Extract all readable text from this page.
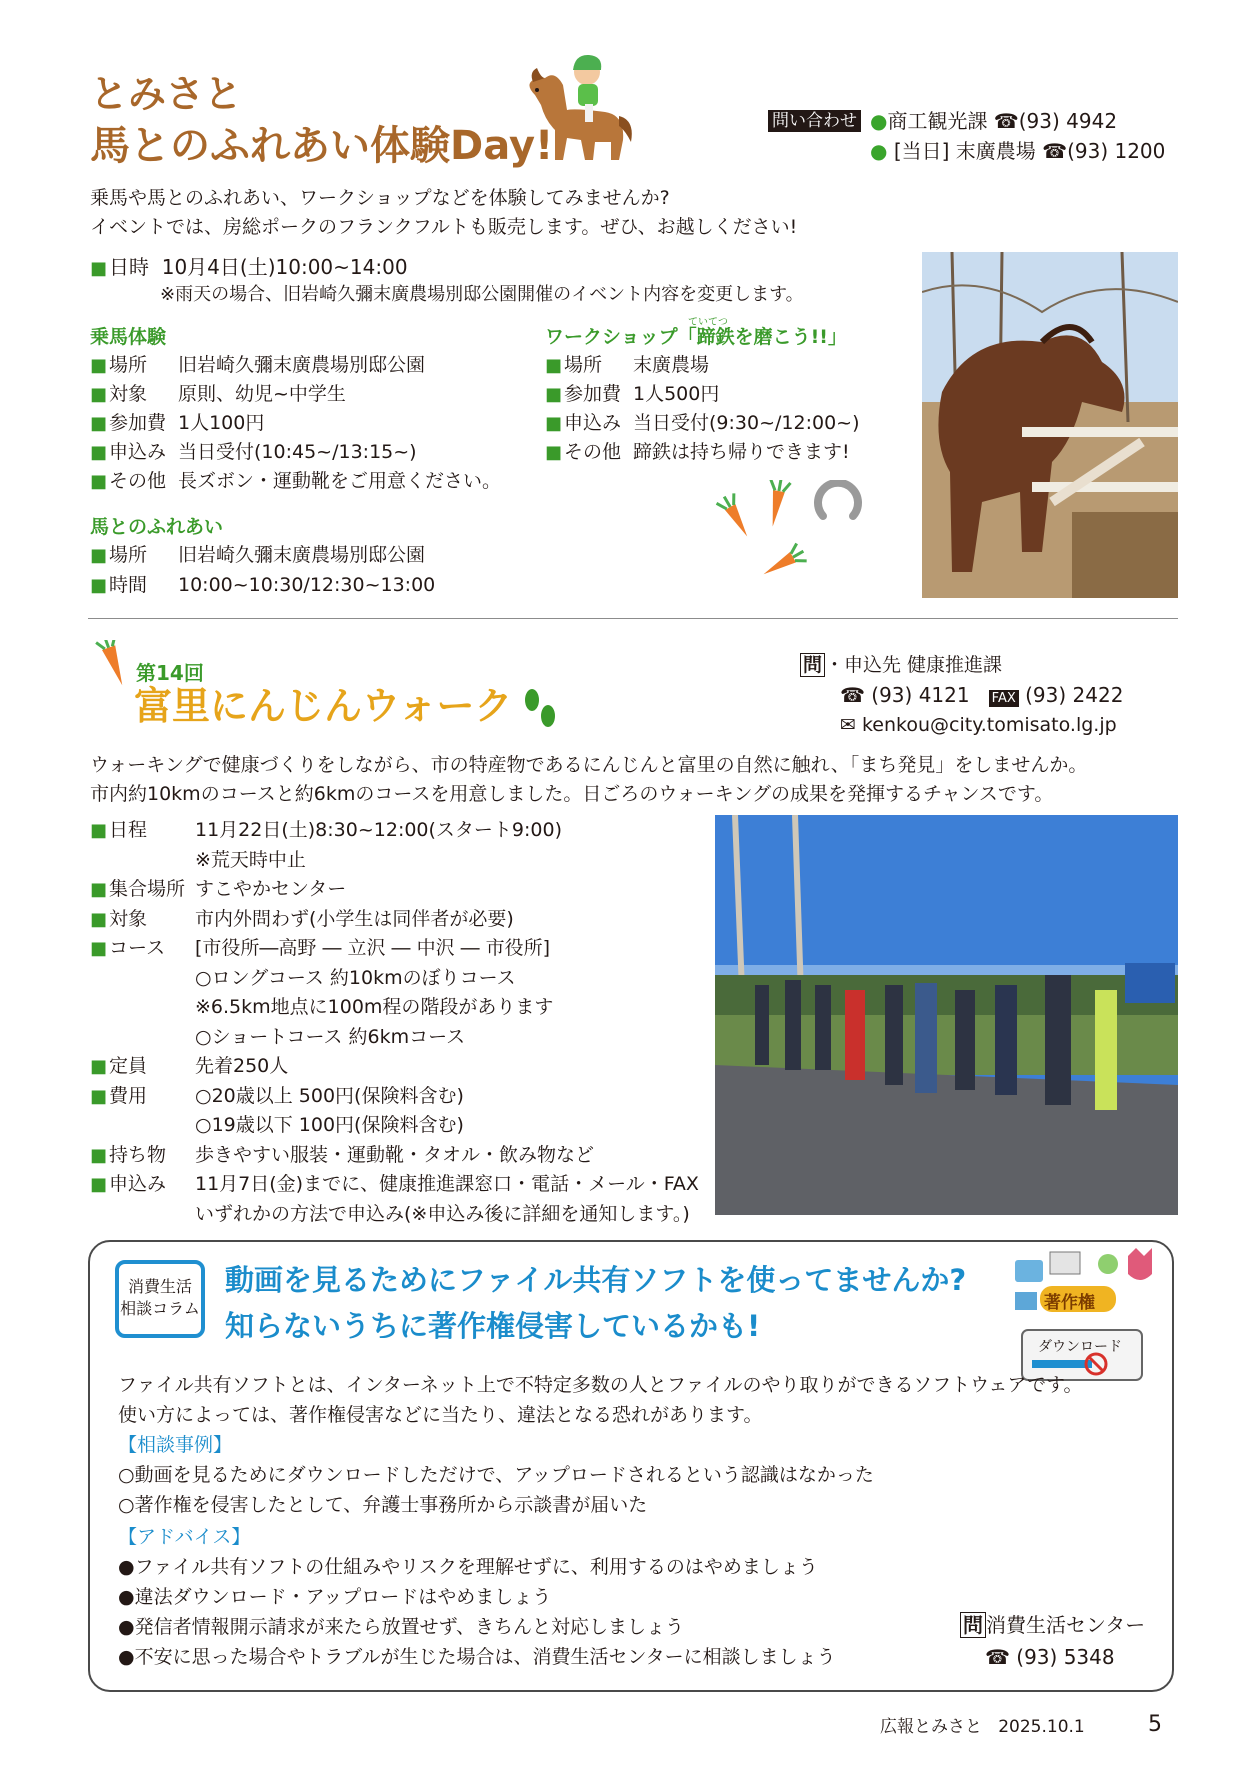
とみさと
馬とのふれあい体験Day!
問い合わせ ●商工観光課 ☎(93) 4942
● [当日] 末廣農場 ☎(93) 1200
乗馬や馬とのふれあい、ワークショップなどを体験してみませんか?
イベントでは、房総ポークのフランクフルトも販売します。ぜひ、お越しください!
■ 日時 10月4日(土)10:00~14:00
※雨天の場合、旧岩崎久彌末廣農場別邸公園開催のイベント内容を変更します。
乗馬体験
■ 場所 旧岩崎久彌末廣農場別邸公園
■ 対象 原則、幼児~中学生
■ 参加費 1人100円
■ 申込み 当日受付(10:45~/13:15~)
■ その他 長ズボン・運動靴をご用意ください。
ていてつ
ワークショップ「蹄鉄を磨こう!!」
■ 場所 末廣農場
■ 参加費 1人500円
■ 申込み 当日受付(9:30~/12:00~)
■ その他 蹄鉄は持ち帰りできます!
馬とのふれあい
■ 場所 旧岩崎久彌末廣農場別邸公園
■ 時間 10:00~10:30/12:30~13:00
第14回
富里にんじんウォーク
問 ・申込先 健康推進課
☎ (93) 4121 FAX (93) 2422
✉ kenkou@city.tomisato.lg.jp
ウォーキングで健康づくりをしながら、市の特産物であるにんじんと富里の自然に触れ、「まち発見」をしませんか。
市内約10kmのコースと約6kmのコースを用意しました。日ごろのウォーキングの成果を発揮するチャンスです。
■ 日程	11月22日(土)8:30~12:00(スタート9:00)
※荒天時中止
■ 集合場所 すこやかセンター
■ 対象	市内外問わず(小学生は同伴者が必要)
■ コース [市役所―高野 ― 立沢 ― 中沢 ― 市役所]
○ロングコース 約10kmのぼりコース
※6.5km地点に100m程の階段があります
○ショートコース 約6kmコース
■ 定員	先着250人
■ 費用	○20歳以上 500円(保険料含む)
○19歳以下 100円(保険料含む)
■ 持ち物 歩きやすい服装・運動靴・タオル・飲み物など
■ 申込み 11月7日(金)までに、健康推進課窓口・電話・メール・FAX
いずれかの方法で申込み(※申込み後に詳細を通知します。)
消費生活
相談コラム
動画を見るためにファイル共有ソフトを使ってませんか?
知らないうちに著作権侵害しているかも!
著作権
ダウンロード
ファイル共有ソフトとは、インターネット上で不特定多数の人とファイルのやり取りができるソフトウェアです。
使い方によっては、著作権侵害などに当たり、違法となる恐れがあります。
【相談事例】
○動画を見るためにダウンロードしただけで、アップロードされるという認識はなかった
○著作権を侵害したとして、弁護士事務所から示談書が届いた
【アドバイス】
●ファイル共有ソフトの仕組みやリスクを理解せずに、利用するのはやめましょう
●違法ダウンロード・アップロードはやめましょう
●発信者情報開示請求が来たら放置せず、きちんと対応しましょう
●不安に思った場合やトラブルが生じた場合は、消費生活センターに相談しましょう
問 消費生活センター
☎ (93) 5348
広報とみさと 2025.10.1	5
